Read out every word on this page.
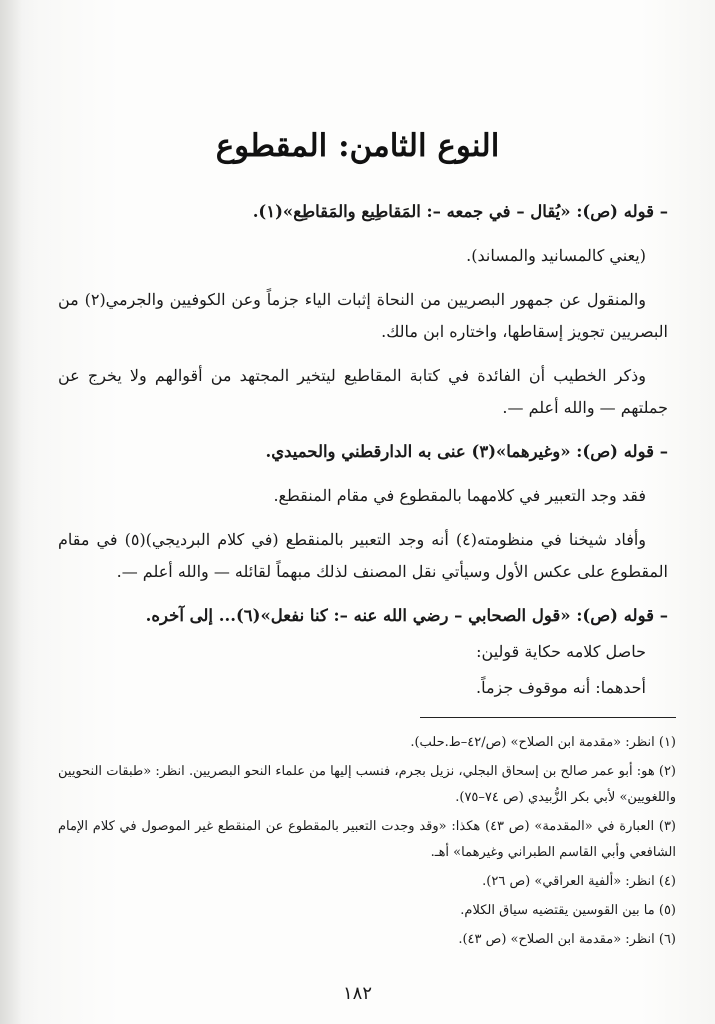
النوع الثامن: المقطوع

– قوله (ص): «يُقال – في جمعه –: المَقاطِيع والمَقاطِع»(١).

(يعني كالمسانيد والمساند).

والمنقول عن جمهور البصريين من النحاة إثبات الياء جزماً وعن الكوفيين والجرمي(٢) من البصريين تجويز إسقاطها، واختاره ابن مالك.

وذكر الخطيب أن الفائدة في كتابة المقاطيع ليتخير المجتهد من أقوالهم ولا يخرج عن جملتهم — والله أعلم —.

– قوله (ص): «وغيرهما»(٣) عنى به الدارقطني والحميدي.

فقد وجد التعبير في كلامهما بالمقطوع في مقام المنقطع.

وأفاد شيخنا في منظومته(٤) أنه وجد التعبير بالمنقطع (في كلام البرديجي)(٥) في مقام المقطوع على عكس الأول وسيأتي نقل المصنف لذلك مبهماً لقائله — والله أعلم —.

– قوله (ص): «قول الصحابي – رضي الله عنه –: كنا نفعل»(٦)... إلى آخره.

حاصل كلامه حكاية قولين:

أحدهما: أنه موقوف جزماً.

(١) انظر: «مقدمة ابن الصلاح» (ص/٤٢–ط.حلب).

(٢) هو: أبو عمر صالح بن إسحاق البجلي، نزيل بجرم، فنسب إليها من علماء النحو البصريين. انظر: «طبقات النحويين واللغويين» لأبي بكر الزُّبيدي (ص ٧٤–٧٥).

(٣) العبارة في «المقدمة» (ص ٤٣) هكذا: «وقد وجدت التعبير بالمقطوع عن المنقطع غير الموصول في كلام الإمام الشافعي وأبي القاسم الطبراني وغيرهما» أهـ.

(٤) انظر: «ألفية العراقي» (ص ٢٦).

(٥) ما بين القوسين يقتضيه سياق الكلام.

(٦) انظر: «مقدمة ابن الصلاح» (ص ٤٣).

١٨٢
